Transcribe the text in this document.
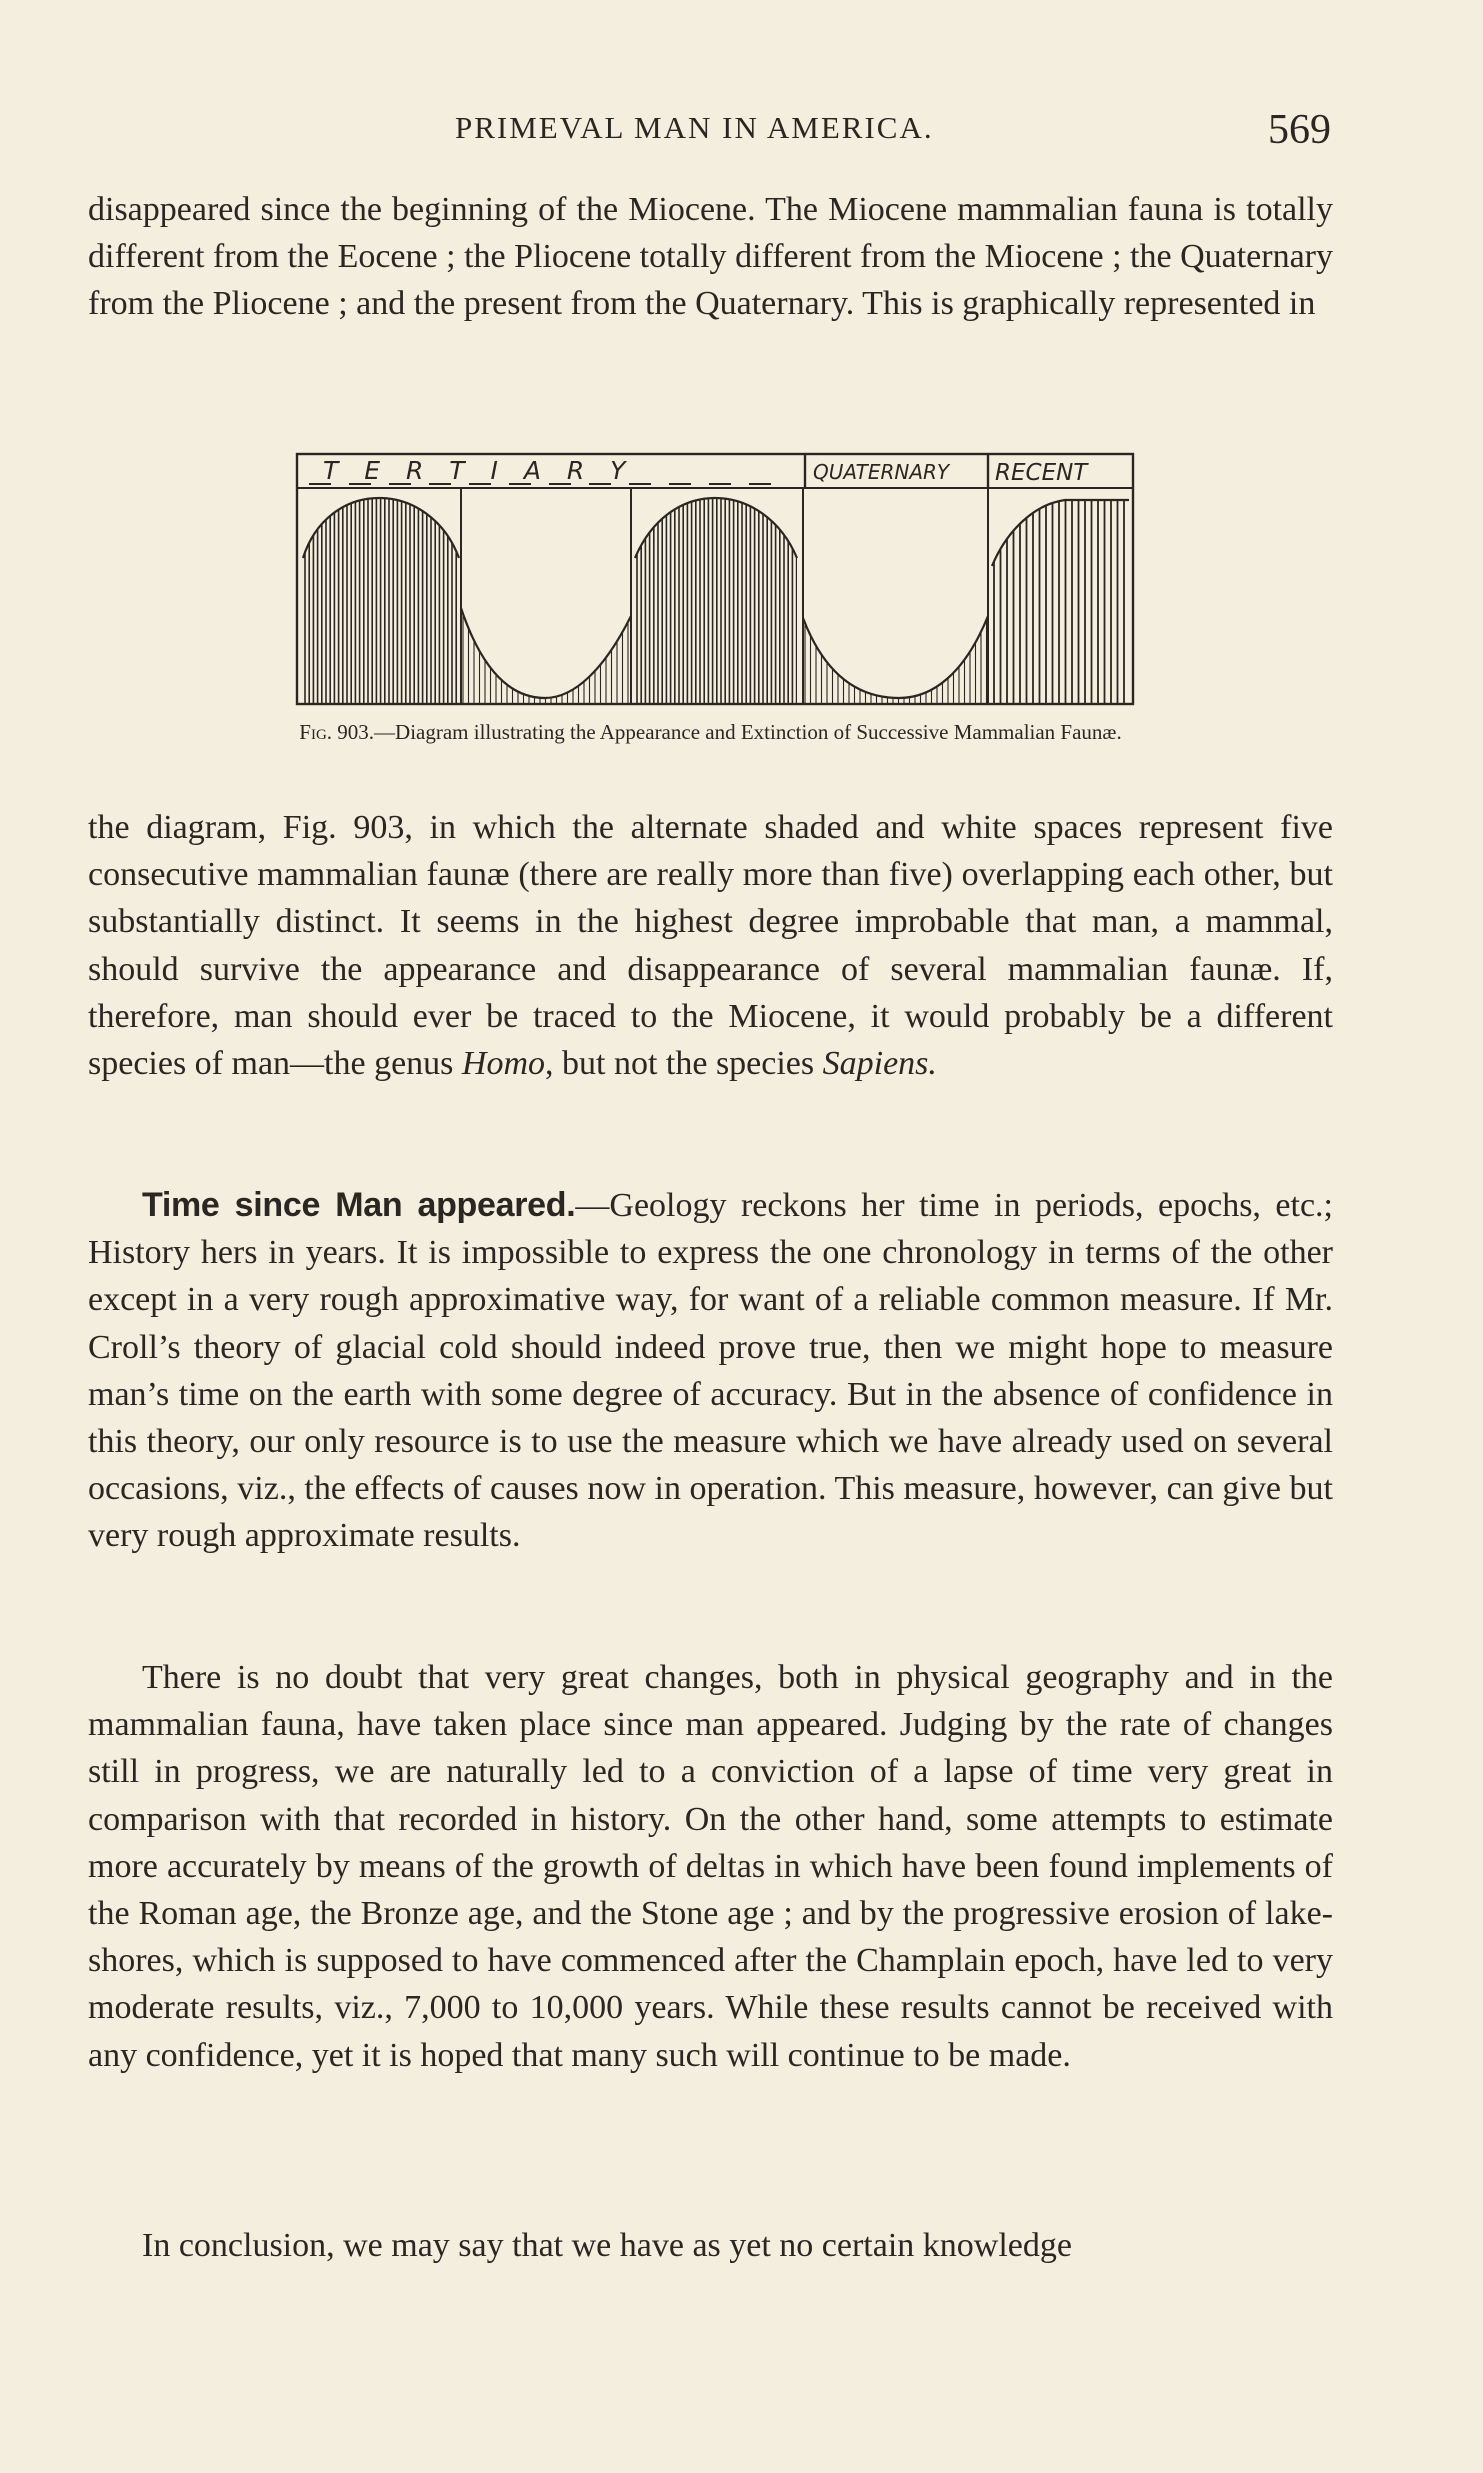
PRIMEVAL MAN IN AMERICA.	569

disappeared since the beginning of the Miocene. The Miocene mammalian fauna is totally different from the Eocene ; the Pliocene totally different from the Miocene ; the Quaternary from the Pliocene ; and the present from the Quaternary. This is graphically represented in

T E R T I A R Y	QUATERNARY RECENT

Fig. 903.—Diagram illustrating the Appearance and Extinction of Successive Mammalian Faunæ.

the diagram, Fig. 903, in which the alternate shaded and white spaces represent five consecutive mammalian faunæ (there are really more than five) overlapping each other, but substantially distinct. It seems in the highest degree improbable that man, a mammal, should survive the appearance and disappearance of several mammalian faunæ. If, therefore, man should ever be traced to the Miocene, it would probably be a different species of man—the genus Homo, but not the species Sapiens.

Time since Man appeared.—Geology reckons her time in periods, epochs, etc.; History hers in years. It is impossible to express the one chronology in terms of the other except in a very rough approximative way, for want of a reliable common measure. If Mr. Croll’s theory of glacial cold should indeed prove true, then we might hope to measure man’s time on the earth with some degree of accuracy. But in the absence of confidence in this theory, our only resource is to use the measure which we have already used on several occasions, viz., the effects of causes now in operation. This measure, however, can give but very rough approximate results.

There is no doubt that very great changes, both in physical geography and in the mammalian fauna, have taken place since man appeared. Judging by the rate of changes still in progress, we are naturally led to a conviction of a lapse of time very great in comparison with that recorded in history. On the other hand, some attempts to estimate more accurately by means of the growth of deltas in which have been found implements of the Roman age, the Bronze age, and the Stone age ; and by the progressive erosion of lake-shores, which is supposed to have commenced after the Champlain epoch, have led to very moderate results, viz., 7,000 to 10,000 years. While these results cannot be received with any confidence, yet it is hoped that many such will continue to be made.

In conclusion, we may say that we have as yet no certain knowledge
